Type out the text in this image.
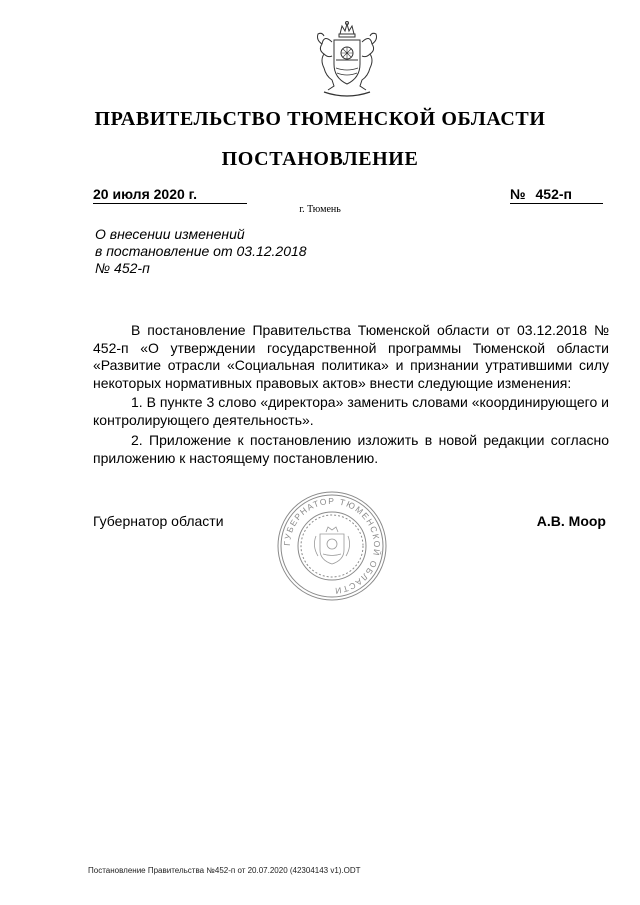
ПРАВИТЕЛЬСТВО ТЮМЕНСКОЙ ОБЛАСТИ
ПОСТАНОВЛЕНИЕ
20 июля 2020 г.	№ 452-п
г. Тюмень
О внесении изменений
в постановление от 03.12.2018
№ 452-п
В постановление Правительства Тюменской области от 03.12.2018 № 452-п «О утверждении государственной программы Тюменской области «Развитие отрасли «Социальная политика» и признании утратившими силу некоторых нормативных правовых актов» внести следующие изменения:
1. В пункте 3 слово «директора» заменить словами «координирующего и контролирующего деятельность».
2. Приложение к постановлению изложить в новой редакции согласно приложению к настоящему постановлению.
ГУБЕРНАТОР ТЮМЕНСКОЙ ОБЛАСТИ
Губернатор области	А.В. Моор
Постановление Правительства №452-п от 20.07.2020 (42304143 v1).ODT
